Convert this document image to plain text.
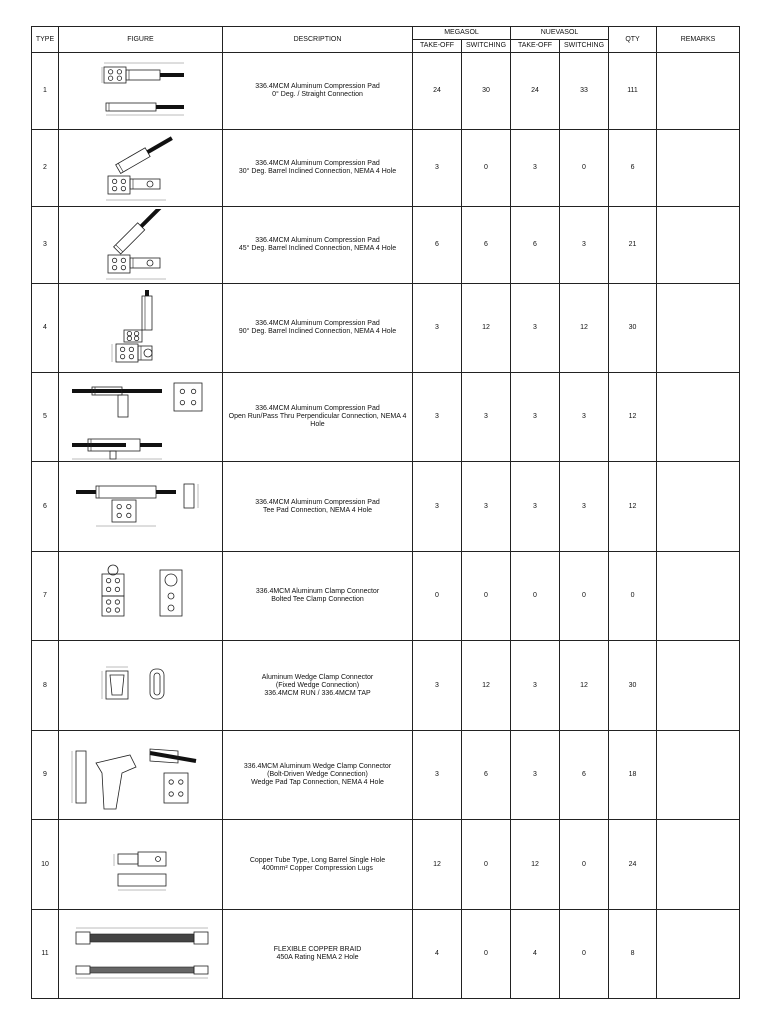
TYPE	FIGURE	DESCRIPTION	MEGASOL		NUEVASOL		QTY	REMARKS
			TAKE-OFF	SWITCHING	TAKE-OFF	SWITCHING		
1		336.4MCM Aluminum Compression Pad
0° Deg. / Straight Connection	24	30	24	33	111	
2		336.4MCM Aluminum Compression Pad
30° Deg. Barrel Inclined Connection, NEMA 4 Hole	3	0	3	0	6	
3		336.4MCM Aluminum Compression Pad
45° Deg. Barrel Inclined Connection, NEMA 4 Hole	6	6	6	3	21	
4		336.4MCM Aluminum Compression Pad
90° Deg. Barrel Inclined Connection, NEMA 4 Hole	3	12	3	12	30	
5		336.4MCM Aluminum Compression Pad
Open Run/Pass Thru Perpendicular Connection, NEMA 4 Hole	3	3	3	3	12	
6		336.4MCM Aluminum Compression Pad
Tee Pad Connection, NEMA 4 Hole	3	3	3	3	12	
7		336.4MCM Aluminum Clamp Connector
Bolted Tee Clamp Connection	0	0	0	0	0	
8		Aluminum Wedge Clamp Connector
(Fixed Wedge Connection)
336.4MCM RUN / 336.4MCM TAP	3	12	3	12	30	
9		336.4MCM Aluminum Wedge Clamp Connector
(Bolt-Driven Wedge Connection)
Wedge Pad Tap Connection, NEMA 4 Hole	3	6	3	6	18	
10		Copper Tube Type, Long Barrel Single Hole
400mm² Copper Compression Lugs	12	0	12	0	24	
11		FLEXIBLE COPPER BRAID
450A Rating NEMA 2 Hole	4	0	4	0	8	
